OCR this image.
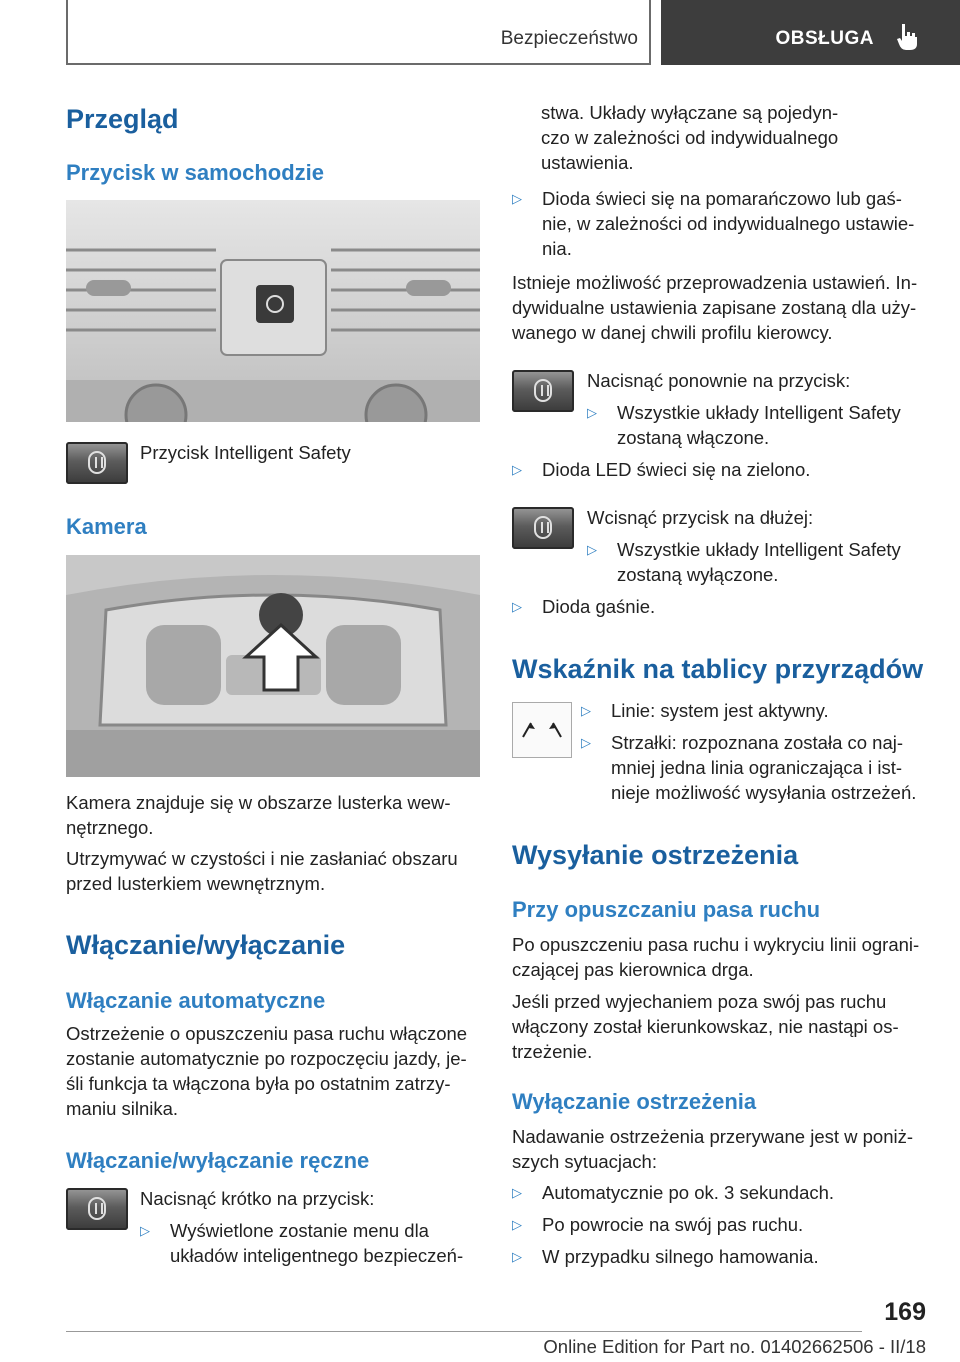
Bezpieczeństwo	OBSŁUGA
Przegląd
Przycisk w samochodzie
Przycisk Intelligent Safety
Kamera
Kamera znajduje się w obszarze lusterka wew‐
nętrznego.
Utrzymywać w czystości i nie zasłaniać obszaru
przed lusterkiem wewnętrznym.
Włączanie/wyłączanie
Włączanie automatyczne
Ostrzeżenie o opuszczeniu pasa ruchu włączone
zostanie automatycznie po rozpoczęciu jazdy, je‐
śli funkcja ta włączona była po ostatnim zatrzy‐
maniu silnika.
Włączanie/wyłączanie ręczne
Nacisnąć krótko na przycisk:
▷ Wyświetlone zostanie menu dla
układów inteligentnego bezpieczeń‐
stwa. Układy wyłączane są pojedyn‐
czo w zależności od indywidualnego
ustawienia.
▷ Dioda świeci się na pomarańczowo lub gaś‐
nie, w zależności od indywidualnego ustawie‐
nia.
Istnieje możliwość przeprowadzenia ustawień. In‐
dywidualne ustawienia zapisane zostaną dla uży‐
wanego w danej chwili profilu kierowcy.
Nacisnąć ponownie na przycisk:
▷ Wszystkie układy Intelligent Safety
zostaną włączone.
▷ Dioda LED świeci się na zielono.
Wcisnąć przycisk na dłużej:
▷ Wszystkie układy Intelligent Safety
zostaną wyłączone.
▷ Dioda gaśnie.
Wskaźnik na tablicy przyrządów
▷ Linie: system jest aktywny.
▷ Strzałki: rozpoznana została co naj‐
mniej jedna linia ograniczająca i ist‐
nieje możliwość wysyłania ostrzeżeń.
Wysyłanie ostrzeżenia
Przy opuszczaniu pasa ruchu
Po opuszczeniu pasa ruchu i wykryciu linii ograni‐
czającej pas kierownica drga.
Jeśli przed wyjechaniem poza swój pas ruchu
włączony został kierunkowskaz, nie nastąpi os‐
trzeżenie.
Wyłączanie ostrzeżenia
Nadawanie ostrzeżenia przerywane jest w poniż‐
szych sytuacjach:
▷ Automatycznie po ok. 3 sekundach.
▷ Po powrocie na swój pas ruchu.
▷ W przypadku silnego hamowania.
169
Online Edition for Part no. 01402662506 - II/18
